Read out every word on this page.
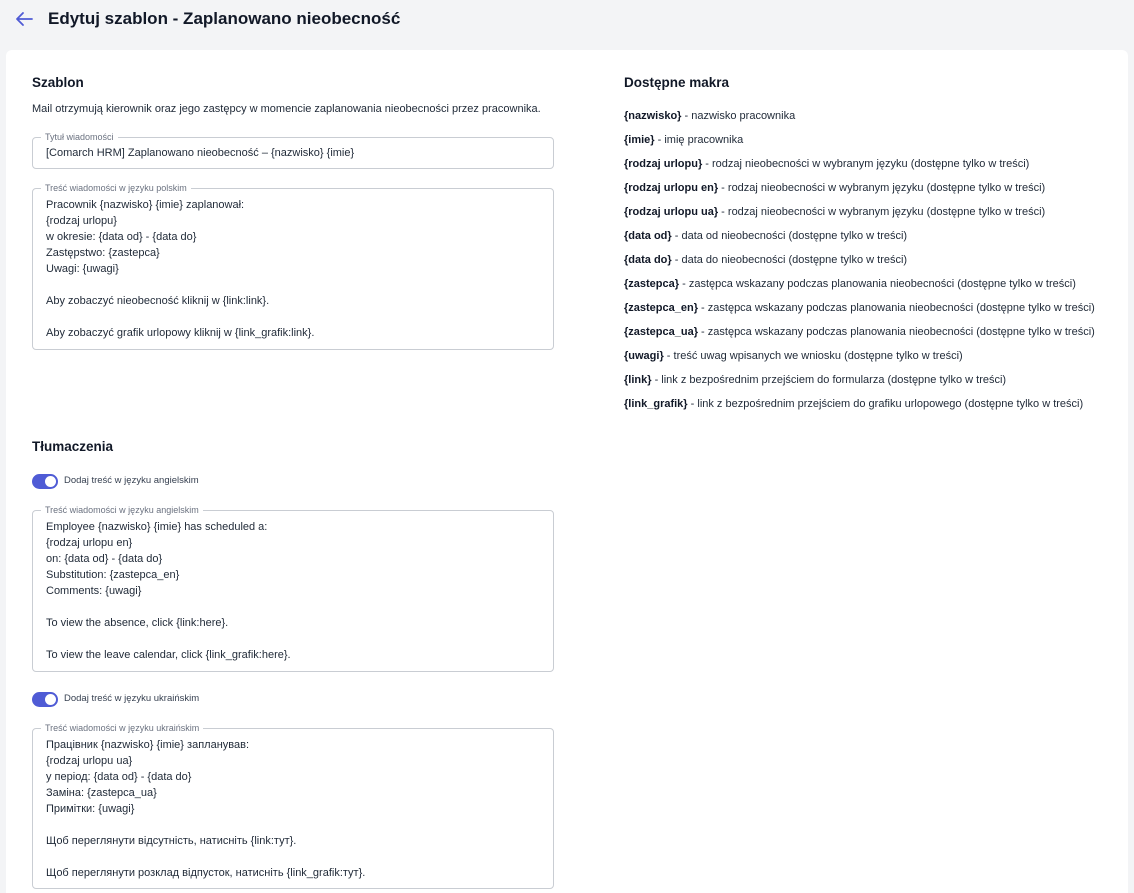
Edytuj szablon - Zaplanowano nieobecność
Szablon
Mail otrzymują kierownik oraz jego zastępcy w momencie zaplanowania nieobecności przez pracownika.
Tytuł wiadomości
[Comarch HRM] Zaplanowano nieobecność – {nazwisko} {imie}
Treść wiadomości w języku polskim
Pracownik {nazwisko} {imie} zaplanował:
{rodzaj urlopu}
w okresie: {data od} - {data do}
Zastępstwo: {zastepca}
Uwagi: {uwagi}
Aby zobaczyć nieobecność kliknij w {link:link}.
Aby zobaczyć grafik urlopowy kliknij w {link_grafik:link}.
Tłumaczenia
Dodaj treść w języku angielskim
Treść wiadomości w języku angielskim
Employee {nazwisko} {imie} has scheduled a:
{rodzaj urlopu en}
on: {data od} - {data do}
Substitution: {zastepca_en}
Comments: {uwagi}
To view the absence, click {link:here}.
To view the leave calendar, click {link_grafik:here}.
Dodaj treść w języku ukraińskim
Treść wiadomości w języku ukraińskim
Працівник {nazwisko} {imie} запланував:
{rodzaj urlopu ua}
у період: {data od} - {data do}
Заміна: {zastepca_ua}
Примітки: {uwagi}
Щоб переглянути відсутність, натисніть {link:тут}.
Щоб переглянути розклад відпусток, натисніть {link_grafik:тут}.
Dostępne makra
{nazwisko} - nazwisko pracownika
{imie} - imię pracownika
{rodzaj urlopu} - rodzaj nieobecności w wybranym języku (dostępne tylko w treści)
{rodzaj urlopu en} - rodzaj nieobecności w wybranym języku (dostępne tylko w treści)
{rodzaj urlopu ua} - rodzaj nieobecności w wybranym języku (dostępne tylko w treści)
{data od} - data od nieobecności (dostępne tylko w treści)
{data do} - data do nieobecności (dostępne tylko w treści)
{zastepca} - zastępca wskazany podczas planowania nieobecności (dostępne tylko w treści)
{zastepca_en} - zastępca wskazany podczas planowania nieobecności (dostępne tylko w treści)
{zastepca_ua} - zastępca wskazany podczas planowania nieobecności (dostępne tylko w treści)
{uwagi} - treść uwag wpisanych we wniosku (dostępne tylko w treści)
{link} - link z bezpośrednim przejściem do formularza (dostępne tylko w treści)
{link_grafik} - link z bezpośrednim przejściem do grafiku urlopowego (dostępne tylko w treści)
